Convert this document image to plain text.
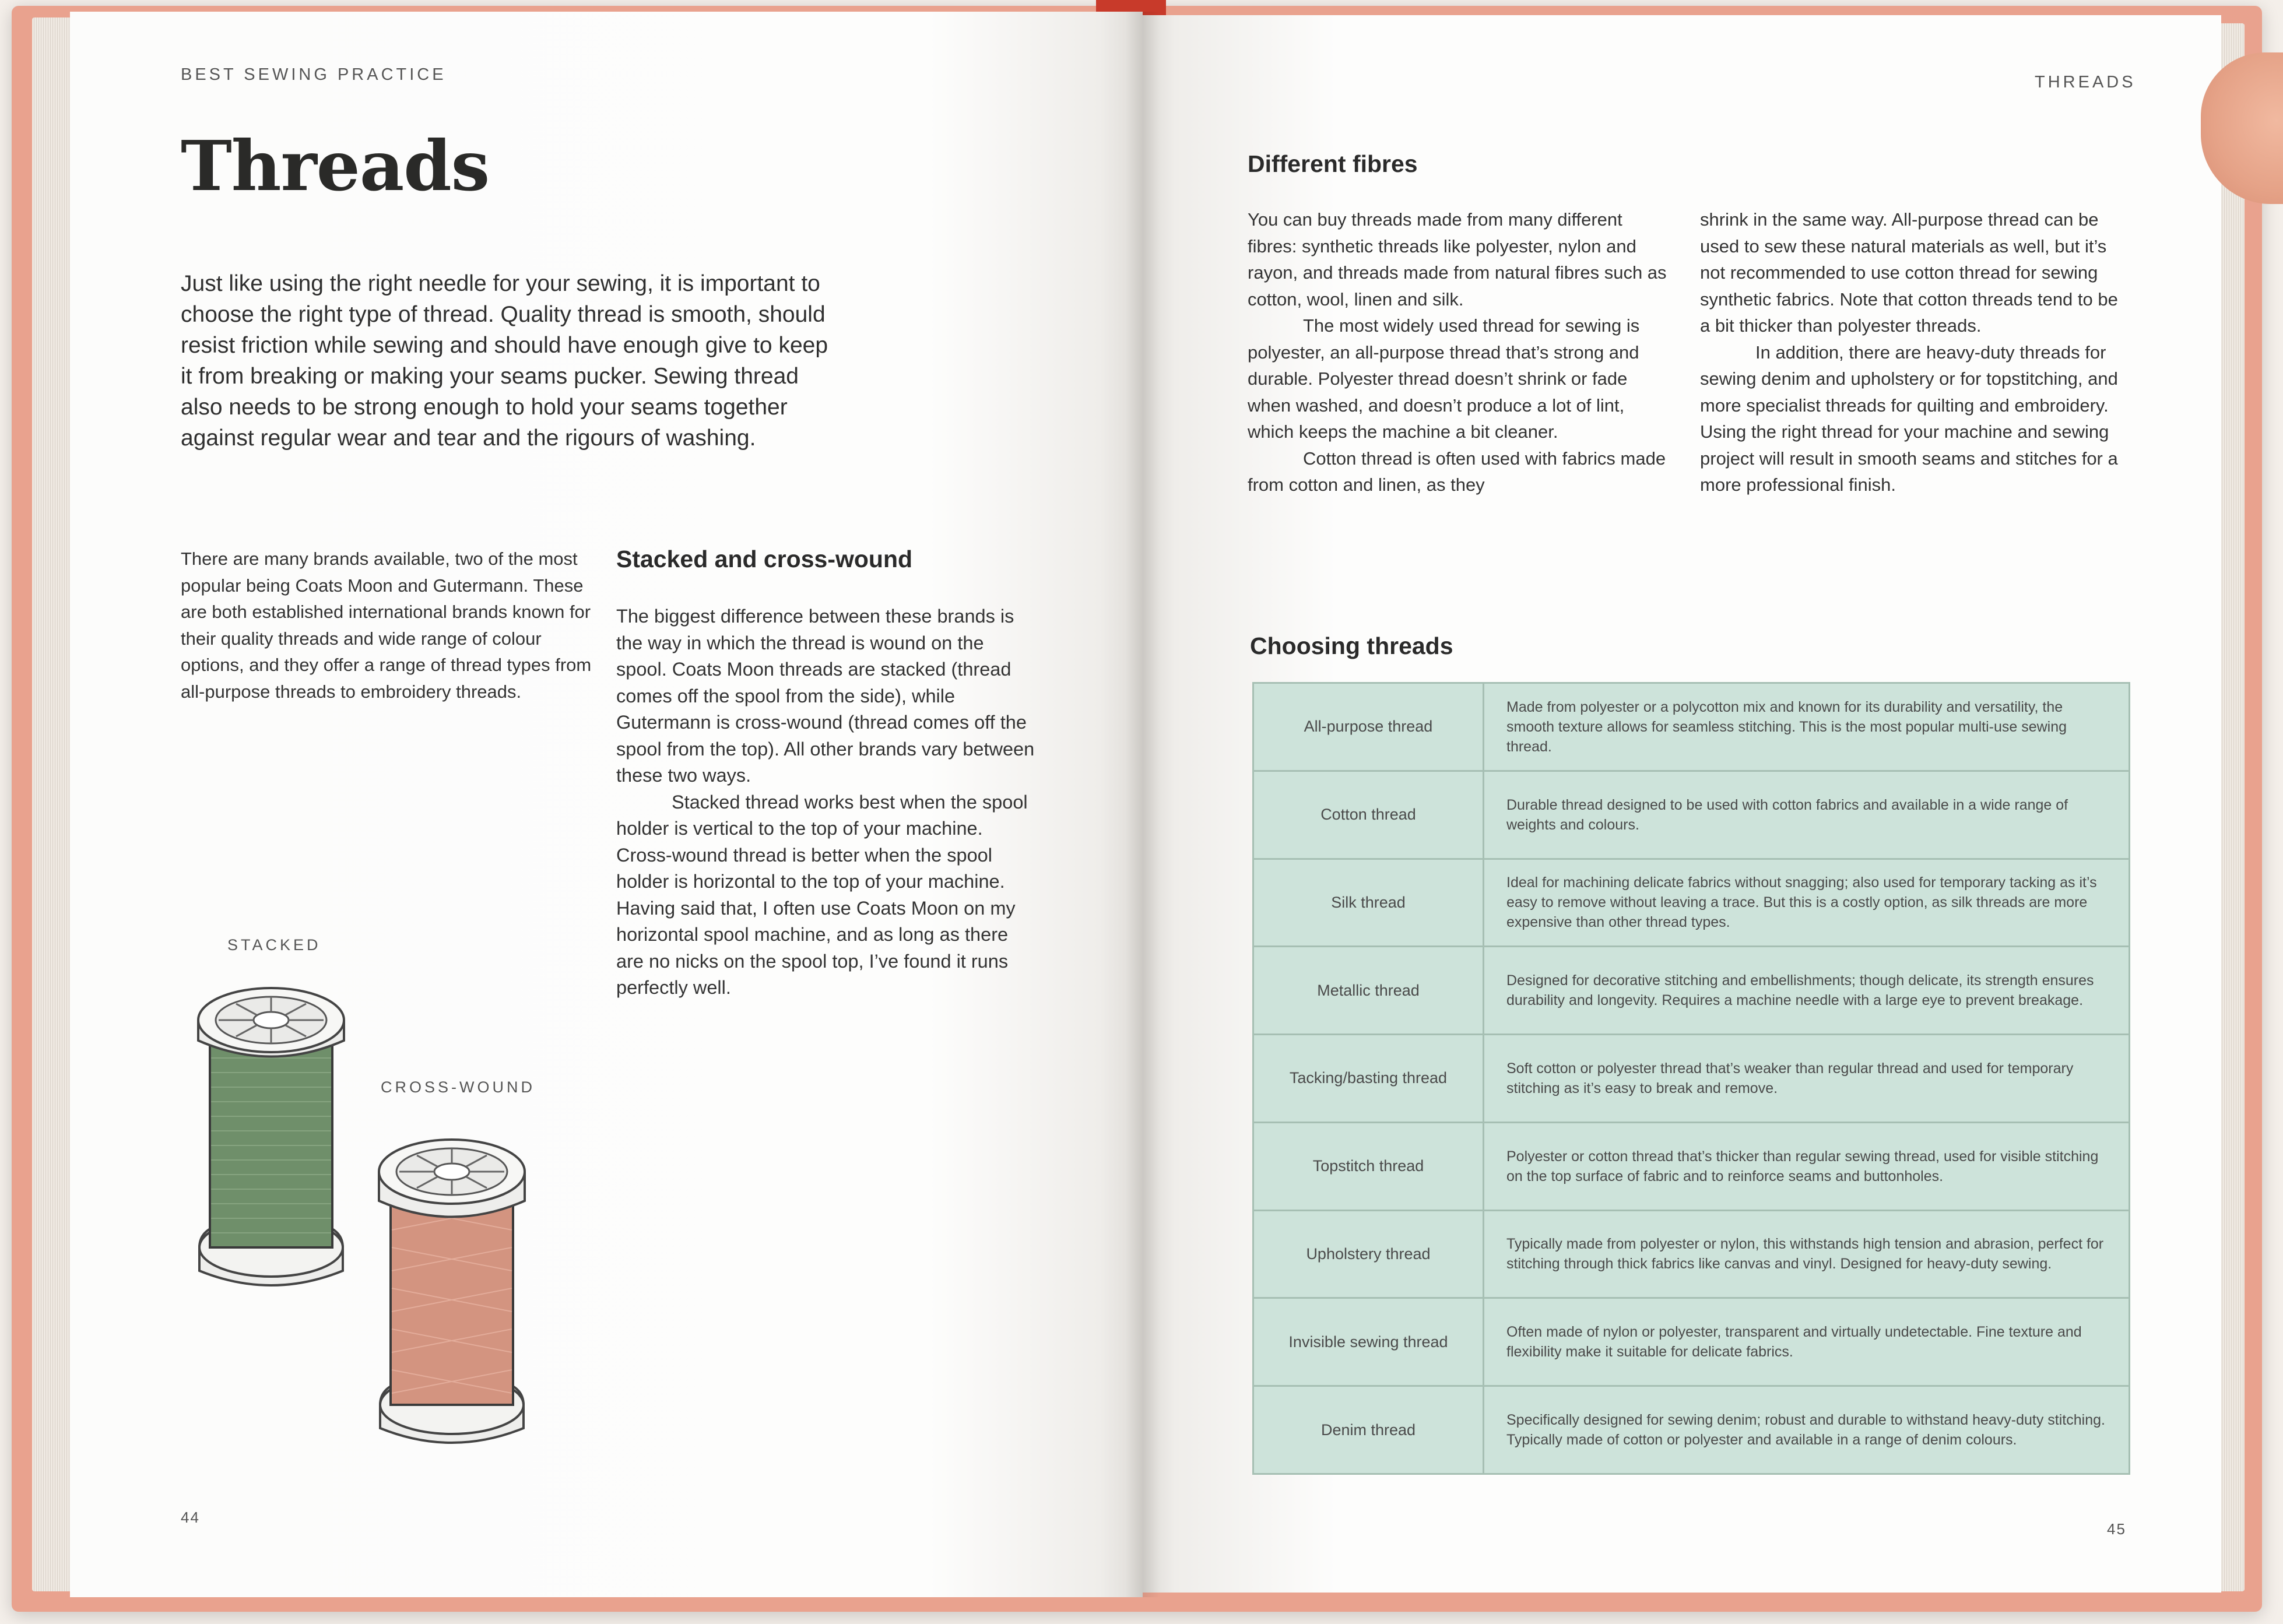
BEST SEWING PRACTICE
Threads
Just like using the right needle for your sewing, it is important to choose the right type of thread. Quality thread is smooth, should resist friction while sewing and should have enough give to keep it from breaking or making your seams pucker. Sewing thread also needs to be strong enough to hold your seams together against regular wear and tear and the rigours of washing.
There are many brands available, two of the most popular being Coats Moon and Gutermann. These are both established international brands known for their quality threads and wide range of colour options, and they offer a range of thread types from all-purpose threads to embroidery threads.
Stacked and cross-wound
The biggest difference between these brands is the way in which the thread is wound on the spool. Coats Moon threads are stacked (thread comes off the spool from the side), while Gutermann is cross-wound (thread comes off the spool from the top). All other brands vary between these two ways.
Stacked thread works best when the spool holder is vertical to the top of your machine. Cross-wound thread is better when the spool holder is horizontal to the top of your machine. Having said that, I often use Coats Moon on my horizontal spool machine, and as long as there are no nicks on the spool top, I’ve found it runs perfectly well.
STACKED
CROSS-WOUND
44
THREADS
Different fibres
You can buy threads made from many different fibres: synthetic threads like polyester, nylon and rayon, and threads made from natural fibres such as cotton, wool, linen and silk.
The most widely used thread for sewing is polyester, an all-purpose thread that’s strong and durable. Polyester thread doesn’t shrink or fade when washed, and doesn’t produce a lot of lint, which keeps the machine a bit cleaner.
Cotton thread is often used with fabrics made from cotton and linen, as they
shrink in the same way. All-purpose thread can be used to sew these natural materials as well, but it’s not recommended to use cotton thread for sewing synthetic fabrics. Note that cotton threads tend to be a bit thicker than polyester threads.
In addition, there are heavy-duty threads for sewing denim and upholstery or for topstitching, and more specialist threads for quilting and embroidery. Using the right thread for your machine and sewing project will result in smooth seams and stitches for a more professional finish.
Choosing threads
All-purpose thread	Made from polyester or a polycotton mix and known for its durability and versatility, the smooth texture allows for seamless stitching. This is the most popular multi-use sewing thread.
Cotton thread	Durable thread designed to be used with cotton fabrics and available in a wide range of weights and colours.
Silk thread	Ideal for machining delicate fabrics without snagging; also used for temporary tacking as it’s easy to remove without leaving a trace. But this is a costly option, as silk threads are more expensive than other thread types.
Metallic thread	Designed for decorative stitching and embellishments; though delicate, its strength ensures durability and longevity. Requires a machine needle with a large eye to prevent breakage.
Tacking/basting thread	Soft cotton or polyester thread that’s weaker than regular thread and used for temporary stitching as it’s easy to break and remove.
Topstitch thread	Polyester or cotton thread that’s thicker than regular sewing thread, used for visible stitching on the top surface of fabric and to reinforce seams and buttonholes.
Upholstery thread	Typically made from polyester or nylon, this withstands high tension and abrasion, perfect for stitching through thick fabrics like canvas and vinyl. Designed for heavy-duty sewing.
Invisible sewing thread	Often made of nylon or polyester, transparent and virtually undetectable. Fine texture and flexibility make it suitable for delicate fabrics.
Denim thread	Specifically designed for sewing denim; robust and durable to withstand heavy-duty stitching. Typically made of cotton or polyester and available in a range of denim colours.
45
